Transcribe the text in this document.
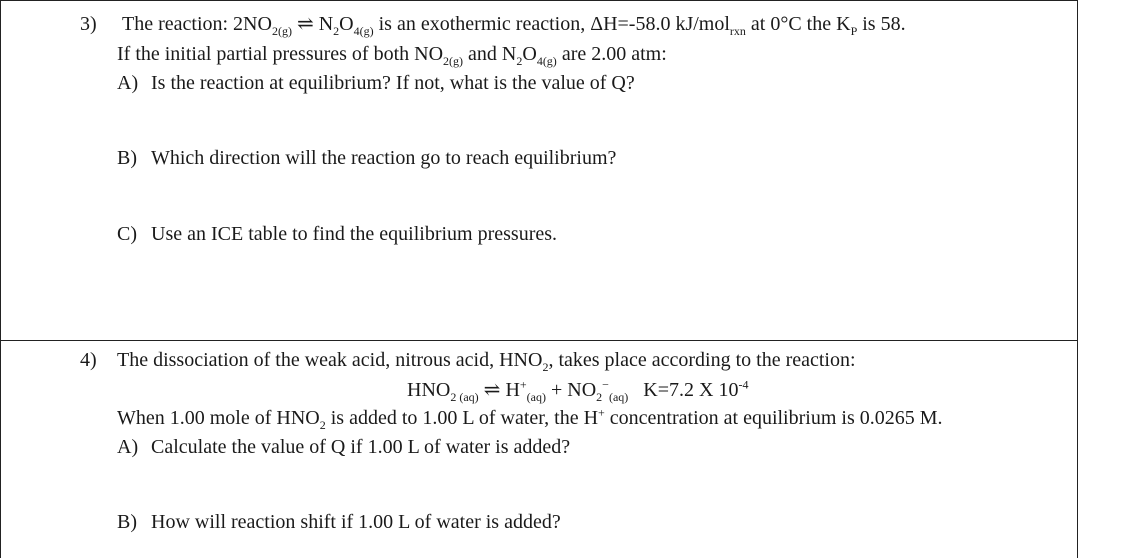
3) The reaction: $2NO_{2(g)}$ ⇌ $N_2O_{4(g)}$ is an exothermic reaction, ΔH=-58.0 kJ/mol$_{rxn}$ at 0°C the $K_P$ is 58.
If the initial partial pressures of both $NO_{2(g)}$ and $N_2O_{4(g)}$ are 2.00 atm:
A) Is the reaction at equilibrium? If not, what is the value of Q?
B) Which direction will the reaction go to reach equilibrium?
C) Use an ICE table to find the equilibrium pressures.
4) The dissociation of the weak acid, nitrous acid, $HNO_2$, takes place according to the reaction:
$HNO_{2 (aq)}$ ⇌ $H^+_{(aq)} + NO_2^-_{(aq)}$ K=7.2 X $10^{-4}$
When 1.00 mole of $HNO_2$ is added to 1.00 L of water, the H+ concentration at equilibrium is 0.0265 M.
A) Calculate the value of Q if 1.00 L of water is added?
B) How will reaction shift if 1.00 L of water is added?
